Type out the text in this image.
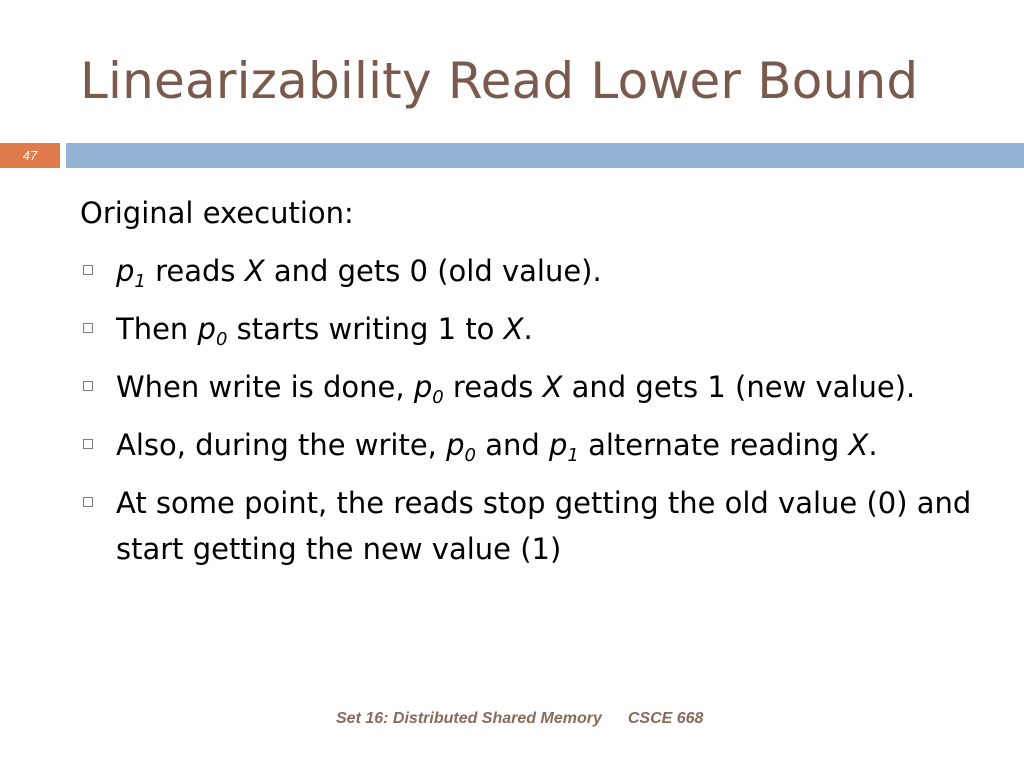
Linearizability Read Lower Bound
47
Original execution:
$p_1$ reads X and gets 0 (old value).
Then $p_0$ starts writing 1 to X.
When write is done, $p_0$ reads X and gets 1 (new value).
Also, during the write, $p_0$ and $p_1$ alternate reading X.
At some point, the reads stop getting the old value (0) and start getting the new value (1)
Set 16: Distributed Shared Memory CSCE 668
